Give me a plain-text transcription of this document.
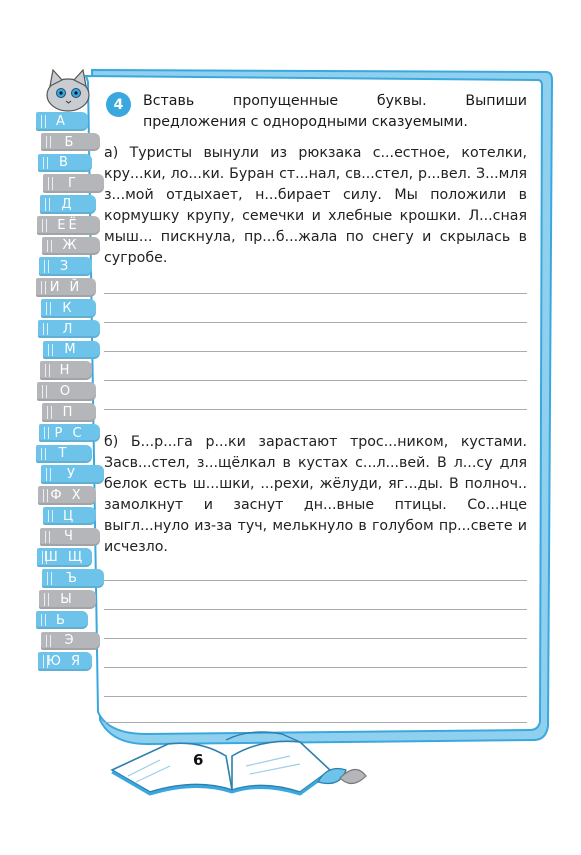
А
Б
В
Г
Д
ЕЁ
Ж
З
И Й
К
Л
М
Н
О
П
Р С
Т
У
Ф Х
Ц
Ч
Ш Щ
Ъ
Ы
Ь
Э
Ю Я
4	Вставь пропущенные буквы. Выпиши предложения с однородными сказуемыми.
а) Туристы вынули из рюкзака с...естное, котелки, кру...ки, ло...ки. Буран ст...нал, св...стел, р...вел. З...мля з...мой отдыхает, н...бирает силу. Мы положили в кормушку крупу, семечки и хлебные крошки. Л...сная мыш... пискнула, пр...б...жала по снегу и скрылась в сугробе.
б) Б...р...га р...ки зарастают трос...ником, кустами. Засв...стел, з...щёлкал в кустах с...л...вей. В л...су для белок есть ш...шки, ...рехи, жёлуди, яг...ды. В полноч.. замолкнут и заснут дн...вные птицы. Со...нце выгл...нуло из-за туч, мелькнуло в голубом пр...свете и исчезло.
6
